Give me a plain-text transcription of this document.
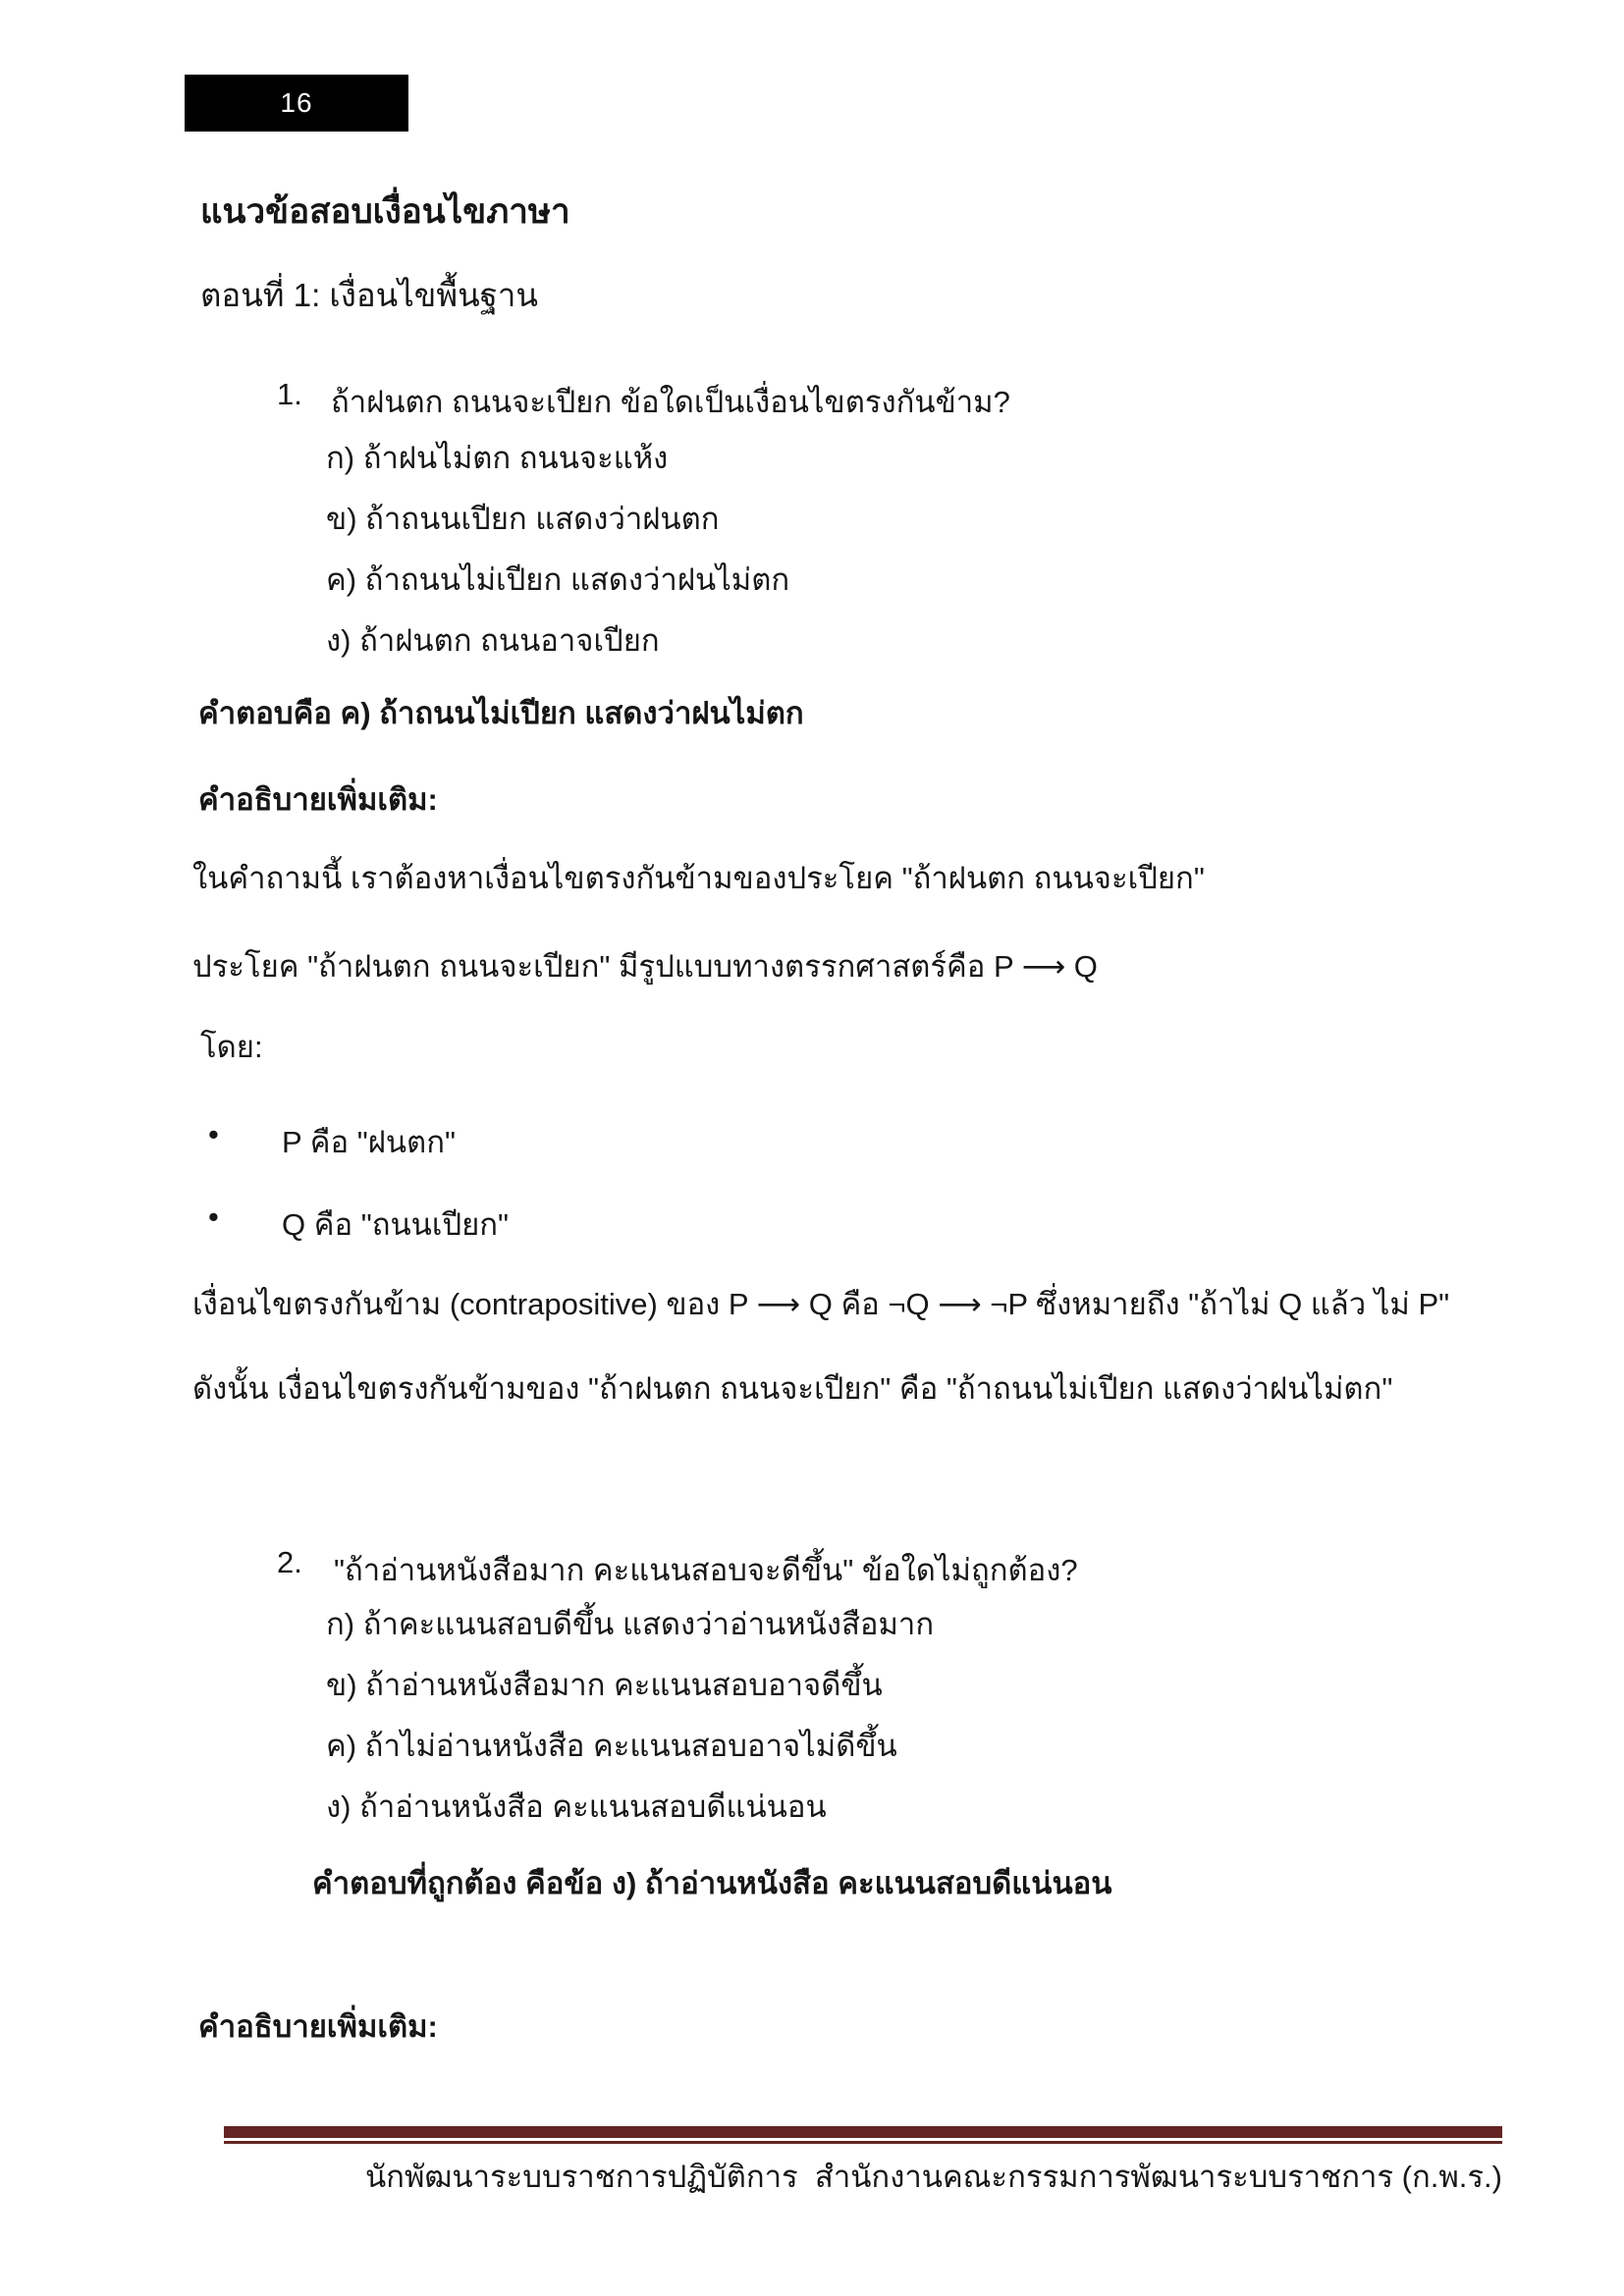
16
แนวข้อสอบเงื่อนไขภาษา
ตอนที่ 1: เงื่อนไขพื้นฐาน
1. ถ้าฝนตก ถนนจะเปียก ข้อใดเป็นเงื่อนไขตรงกันข้าม?
ก) ถ้าฝนไม่ตก ถนนจะแห้ง
ข) ถ้าถนนเปียก แสดงว่าฝนตก
ค) ถ้าถนนไม่เปียก แสดงว่าฝนไม่ตก
ง) ถ้าฝนตก ถนนอาจเปียก
คำตอบคือ ค) ถ้าถนนไม่เปียก แสดงว่าฝนไม่ตก
คำอธิบายเพิ่มเติม:
ในคำถามนี้ เราต้องหาเงื่อนไขตรงกันข้ามของประโยค "ถ้าฝนตก ถนนจะเปียก"
ประโยค "ถ้าฝนตก ถนนจะเปียก" มีรูปแบบทางตรรกศาสตร์คือ P ⟶ Q
โดย:
• P คือ "ฝนตก"
• Q คือ "ถนนเปียก"
เงื่อนไขตรงกันข้าม (contrapositive) ของ P ⟶ Q คือ ¬Q ⟶ ¬P ซึ่งหมายถึง "ถ้าไม่ Q แล้ว ไม่ P"
ดังนั้น เงื่อนไขตรงกันข้ามของ "ถ้าฝนตก ถนนจะเปียก" คือ "ถ้าถนนไม่เปียก แสดงว่าฝนไม่ตก"
2. "ถ้าอ่านหนังสือมาก คะแนนสอบจะดีขึ้น" ข้อใดไม่ถูกต้อง?
ก) ถ้าคะแนนสอบดีขึ้น แสดงว่าอ่านหนังสือมาก
ข) ถ้าอ่านหนังสือมาก คะแนนสอบอาจดีขึ้น
ค) ถ้าไม่อ่านหนังสือ คะแนนสอบอาจไม่ดีขึ้น
ง) ถ้าอ่านหนังสือ คะแนนสอบดีแน่นอน
คำตอบที่ถูกต้อง คือข้อ ง) ถ้าอ่านหนังสือ คะแนนสอบดีแน่นอน
คำอธิบายเพิ่มเติม:
นักพัฒนาระบบราชการปฏิบัติการ  สำนักงานคณะกรรมการพัฒนาระบบราชการ (ก.พ.ร.)
